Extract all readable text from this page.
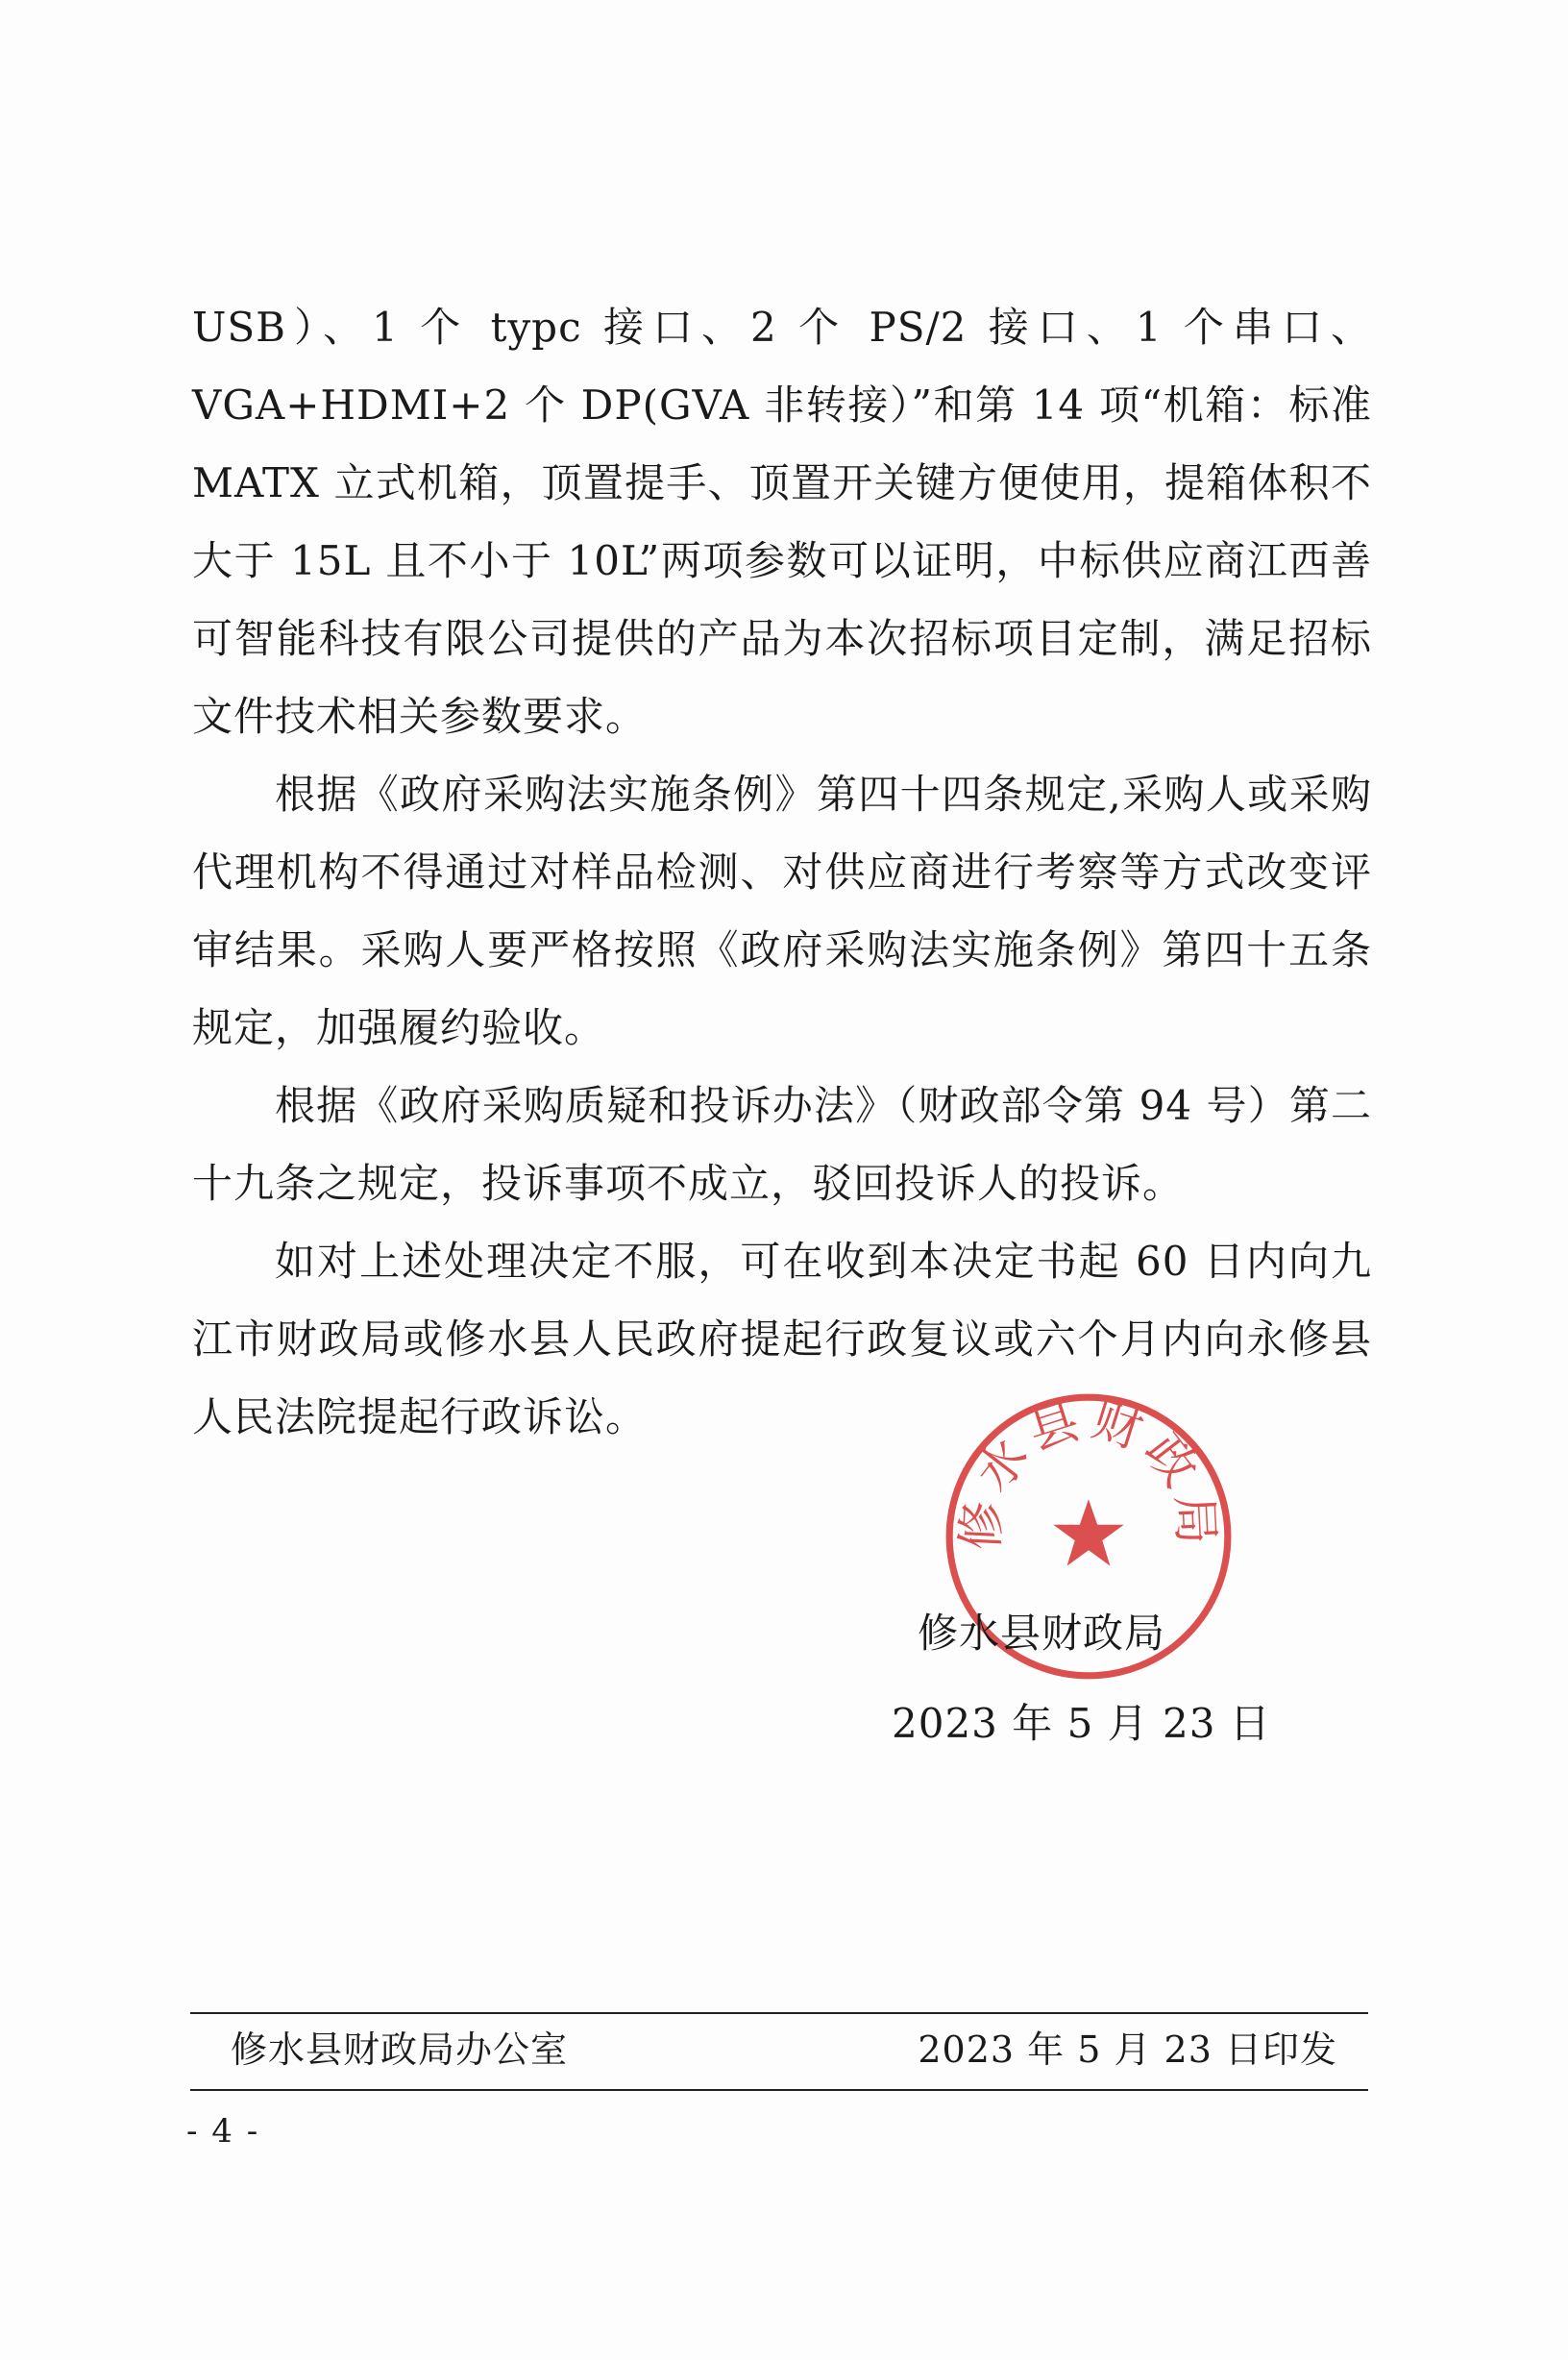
USB）、1 个 typc 接口、2 个 PS/2 接口、1 个串口、VGA+HDMI+2 个 DP(GVA 非转接）”和第 14 项“机箱：标准 MATX 立式机箱，顶置提手、顶置开关键方便使用，提箱体积不大于 15L 且不小于 10L”两项参数可以证明，中标供应商江西善可智能科技有限公司提供的产品为本次招标项目定制，满足招标文件技术相关参数要求。

根据《政府采购法实施条例》第四十四条规定,采购人或采购代理机构不得通过对样品检测、对供应商进行考察等方式改变评审结果。采购人要严格按照《政府采购法实施条例》第四十五条规定，加强履约验收。

根据《政府采购质疑和投诉办法》（财政部令第 94 号）第二十九条之规定，投诉事项不成立，驳回投诉人的投诉。

如对上述处理决定不服，可在收到本决定书起 60 日内向九江市财政局或修水县人民政府提起行政复议或六个月内向永修县人民法院提起行政诉讼。

修水县财政局
修水县财政局
2023 年 5 月 23 日
修水县财政局办公室	2023 年 5 月 23 日印发
- 4 -
